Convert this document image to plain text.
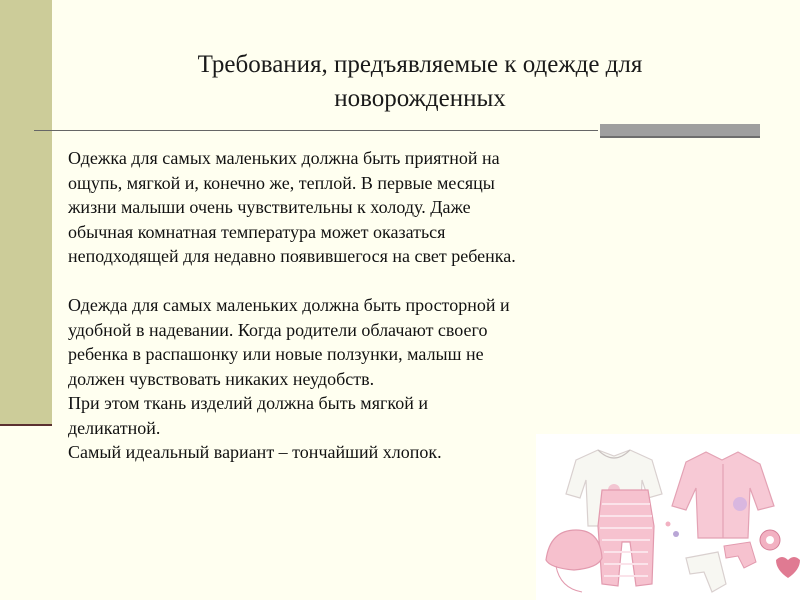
Требования, предъявляемые к одежде для
новорожденных

Одежка для самых маленьких должна быть приятной на

ощупь, мягкой и, конечно же, теплой. В первые месяцы

жизни малыши очень чувствительны к холоду. Даже

обычная комнатная температура может оказаться

неподходящей для недавно появившегося на свет ребенка.

Одежда для самых маленьких должна быть просторной и

удобной в надевании. Когда родители облачают своего

ребенка в распашонку или новые ползунки, малыш не

должен чувствовать никаких неудобств.

При этом ткань изделий должна быть мягкой и

деликатной.

Самый идеальный вариант – тончайший хлопок.
